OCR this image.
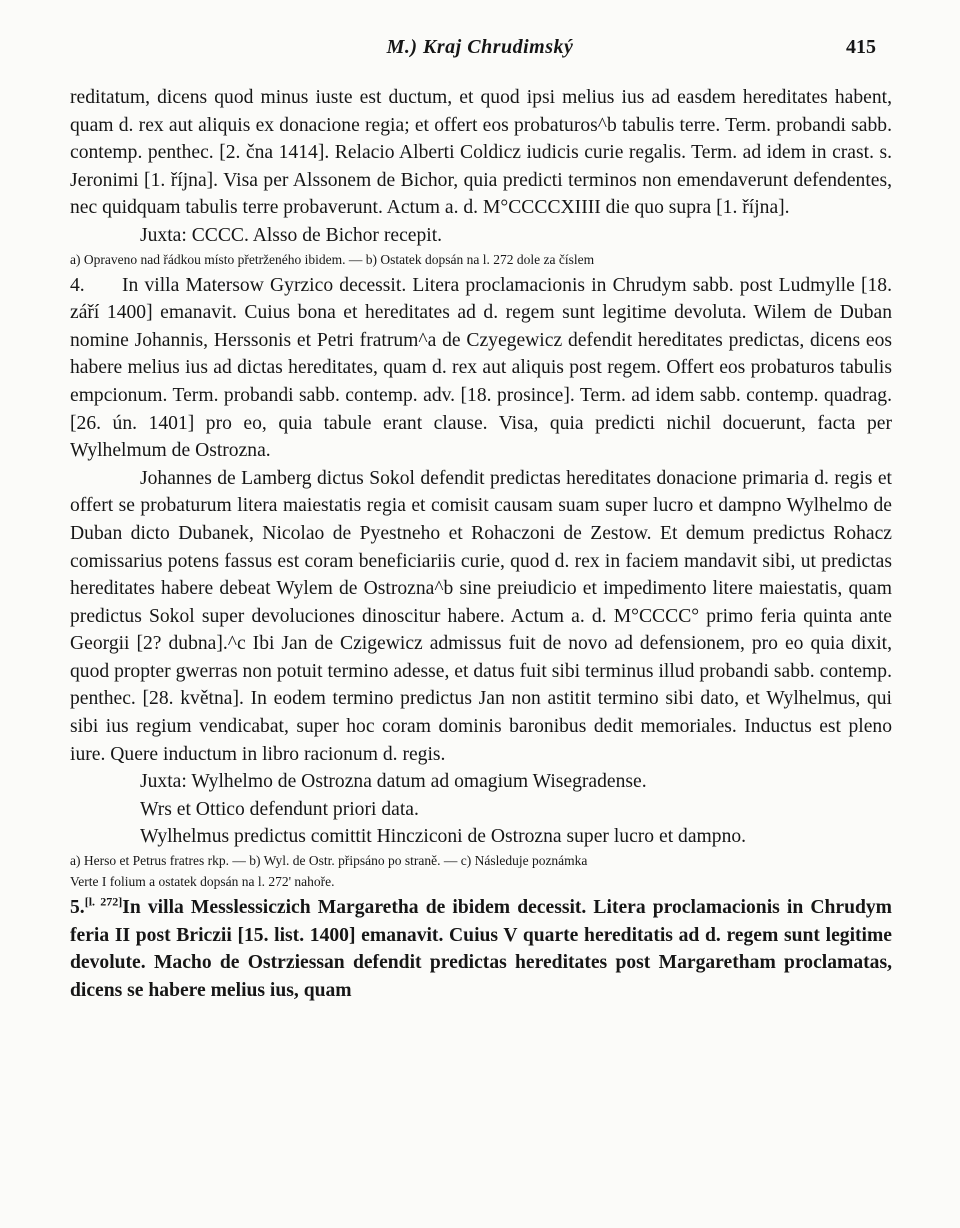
M.) Kraj Chrudimský	415

reditatum, dicens quod minus iuste est ductum, et quod ipsi melius ius ad easdem hereditates habent, quam d. rex aut aliquis ex donacione regia; et offert eos probaturos^b tabulis terre. Term. probandi sabb. contemp. penthec. [2. čna 1414]. Relacio Alberti Coldicz iudicis curie regalis. Term. ad idem in crast. s. Jeronimi [1. října]. Visa per Alssonem de Bichor, quia predicti terminos non emendaverunt defendentes, nec quidquam tabulis terre probaverunt. Actum a. d. M°CCCCXIIII die quo supra [1. října].

Juxta: CCCC. Alsso de Bichor recepit.

a) Opraveno nad řádkou místo přetrženého ibidem. — b) Ostatek dopsán na l. 272 dole za číslem

4. In villa Matersow Gyrzico decessit. Litera proclamacionis in Chrudym sabb. post Ludmylle [18. září 1400] emanavit. Cuius bona et hereditates ad d. regem sunt legitime devoluta. Wilem de Duban nomine Johannis, Herssonis et Petri fratrum^a de Czyegewicz defendit hereditates predictas, dicens eos habere melius ius ad dictas hereditates, quam d. rex aut aliquis post regem. Offert eos probaturos tabulis empcionum. Term. probandi sabb. contemp. adv. [18. prosince]. Term. ad idem sabb. contemp. quadrag. [26. ún. 1401] pro eo, quia tabule erant clause. Visa, quia predicti nichil docuerunt, facta per Wylhelmum de Ostrozna.

Johannes de Lamberg dictus Sokol defendit predictas hereditates donacione primaria d. regis et offert se probaturum litera maiestatis regia et comisit causam suam super lucro et dampno Wylhelmo de Duban dicto Dubanek, Nicolao de Pyestneho et Rohaczoni de Zestow. Et demum predictus Rohacz comissarius potens fassus est coram beneficiariis curie, quod d. rex in faciem mandavit sibi, ut predictas hereditates habere debeat Wylem de Ostrozna^b sine preiudicio et impedimento litere maiestatis, quam predictus Sokol super devoluciones dinoscitur habere. Actum a. d. M°CCCC° primo feria quinta ante Georgii [2? dubna].^c Ibi Jan de Czigewicz admissus fuit de novo ad defensionem, pro eo quia dixit, quod propter gwerras non potuit termino adesse, et datus fuit sibi terminus illud probandi sabb. contemp. penthec. [28. května]. In eodem termino predictus Jan non astitit termino sibi dato, et Wylhelmus, qui sibi ius regium vendicabat, super hoc coram dominis baronibus dedit memoriales. Inductus est pleno iure. Quere inductum in libro racionum d. regis.

Juxta: Wylhelmo de Ostrozna datum ad omagium Wisegradense.

Wrs et Ottico defendunt priori data.

Wylhelmus predictus comittit Hincziconi de Ostrozna super lucro et dampno.

a) Herso et Petrus fratres rkp. — b) Wyl. de Ostr. připsáno po straně. — c) Následuje poznámka
Verte I folium a ostatek dopsán na l. 272' nahoře.

5.[l. 272]In villa Messlessiczich Margaretha de ibidem decessit. Litera proclamacionis in Chrudym feria II post Briczii [15. list. 1400] emanavit. Cuius V quarte hereditatis ad d. regem sunt legitime devolute. Macho de Ostrziessan defendit predictas hereditates post Margaretham proclamatas, dicens se habere melius ius, quam
